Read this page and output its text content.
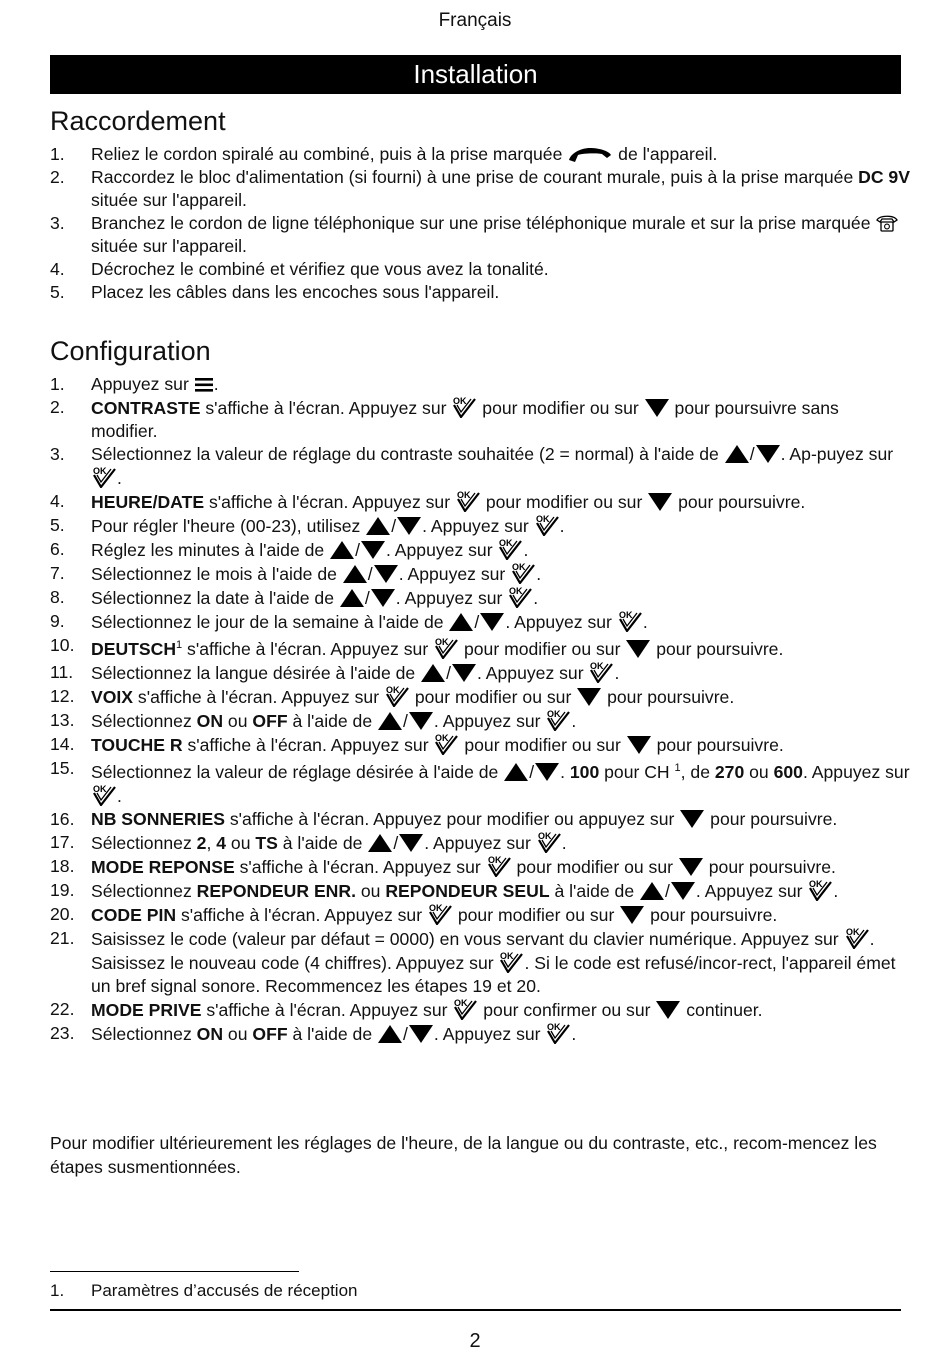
Français
Installation
Raccordement
1.	Reliez le cordon spiralé au combiné, puis à la prise marquée	de l'appareil.
2.	Raccordez le bloc d'alimentation (si fourni) à une prise de courant murale, puis à la prise marquée DC 9V située sur l'appareil.
3.	Branchez le cordon de ligne téléphonique sur une prise téléphonique murale et sur la prise marquée
située sur l'appareil.
4.	Décrochez le combiné et vérifiez que vous avez la tonalité.
5.	Placez les câbles dans les encoches sous l'appareil.
Configuration
1.	Appuyez sur
.
2.	CONTRASTE s'affiche à l'écran. Appuyez sur OK pour modifier ou sur
pour poursuivre sans modifier.
3.	Sélectionnez la valeur de réglage du contraste souhaitée (2 = normal) à l'aide de
/ . Ap-puyez sur
OK .
4.	HEURE/DATE s'affiche à l'écran. Appuyez sur OK pour modifier ou sur
pour poursuivre.
5.	Pour régler l'heure (00-23), utilisez
/ . Appuyez sur OK .
6.	Réglez les minutes à l'aide de
/ . Appuyez sur OK .
7.	Sélectionnez le mois à l'aide de
/ . Appuyez sur OK .
8.	Sélectionnez la date à l'aide de
/ . Appuyez sur OK .
9.	Sélectionnez le jour de la semaine à l'aide de
/ . Appuyez sur OK .
10. DEUTSCH$^1$ s'affiche à l'écran. Appuyez sur OK pour modifier ou sur
pour poursuivre.
11.	Sélectionnez la langue désirée à l'aide de
/ . Appuyez sur OK .
12. VOIX s'affiche à l'écran. Appuyez sur OK pour modifier ou sur
pour poursuivre.
13. Sélectionnez ON ou OFF à l'aide de
/ . Appuyez sur OK .
14. TOUCHE R s'affiche à l'écran. Appuyez sur OK pour modifier ou sur
pour poursuivre.
15. Sélectionnez la valeur de réglage désirée à l'aide de
/ . 100 pour CH $^1$, de 270 ou 600. Appuyez sur
OK .
16. NB SONNERIES s'affiche à l'écran. Appuyez pour modifier ou appuyez sur
pour poursuivre.
17. Sélectionnez 2, 4 ou TS à l'aide de
/ . Appuyez sur OK .
18. MODE REPONSE s'affiche à l'écran. Appuyez sur OK pour modifier ou sur
pour poursuivre.
19. Sélectionnez REPONDEUR ENR. ou REPONDEUR SEUL à l'aide de
/ . Appuyez sur OK .
20. CODE PIN s'affiche à l'écran. Appuyez sur OK pour modifier ou sur
pour poursuivre.
21. Saisissez le code (valeur par défaut = 0000) en vous servant du clavier numérique. Appuyez sur OK . Saisissez le nouveau code (4 chiffres). Appuyez sur OK . Si le code est refusé/incor-rect, l'appareil émet un bref signal sonore. Recommencez les étapes 19 et 20.
22. MODE PRIVE s'affiche à l'écran. Appuyez sur OK pour confirmer ou sur
continuer.
23. Sélectionnez ON ou OFF à l'aide de
/ . Appuyez sur OK .
Pour modifier ultérieurement les réglages de l'heure, de la langue ou du contraste, etc., recom-mencez les étapes susmentionnées.
1.	Paramètres d’accusés de réception
2
